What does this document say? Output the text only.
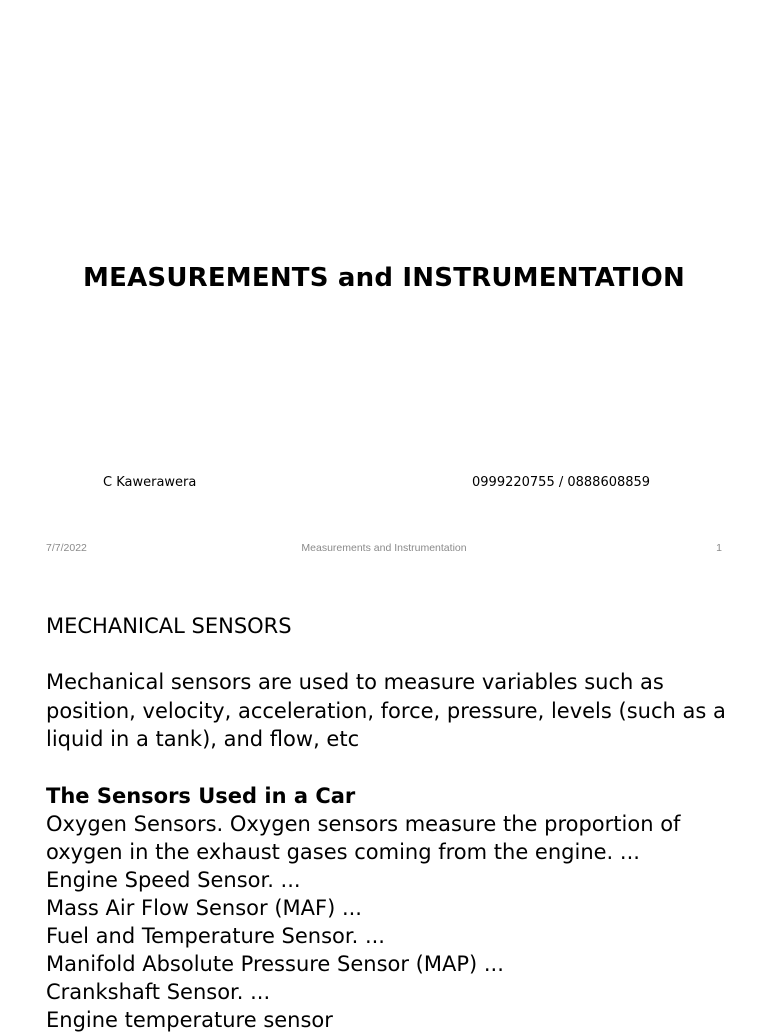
MEASUREMENTS and INSTRUMENTATION
C Kawerawera	0999220755 / 0888608859
7/7/2022	Measurements and Instrumentation	1
MECHANICAL SENSORS

Mechanical sensors are used to measure variables such as position, velocity, acceleration, force, pressure, levels (such as a liquid in a tank), and flow, etc

The Sensors Used in a Car
Oxygen Sensors. Oxygen sensors measure the proportion of oxygen in the exhaust gases coming from the engine. ...
Engine Speed Sensor. ...
Mass Air Flow Sensor (MAF) ...
Fuel and Temperature Sensor. ...
Manifold Absolute Pressure Sensor (MAP) ...
Crankshaft Sensor. ...
Engine temperature sensor
